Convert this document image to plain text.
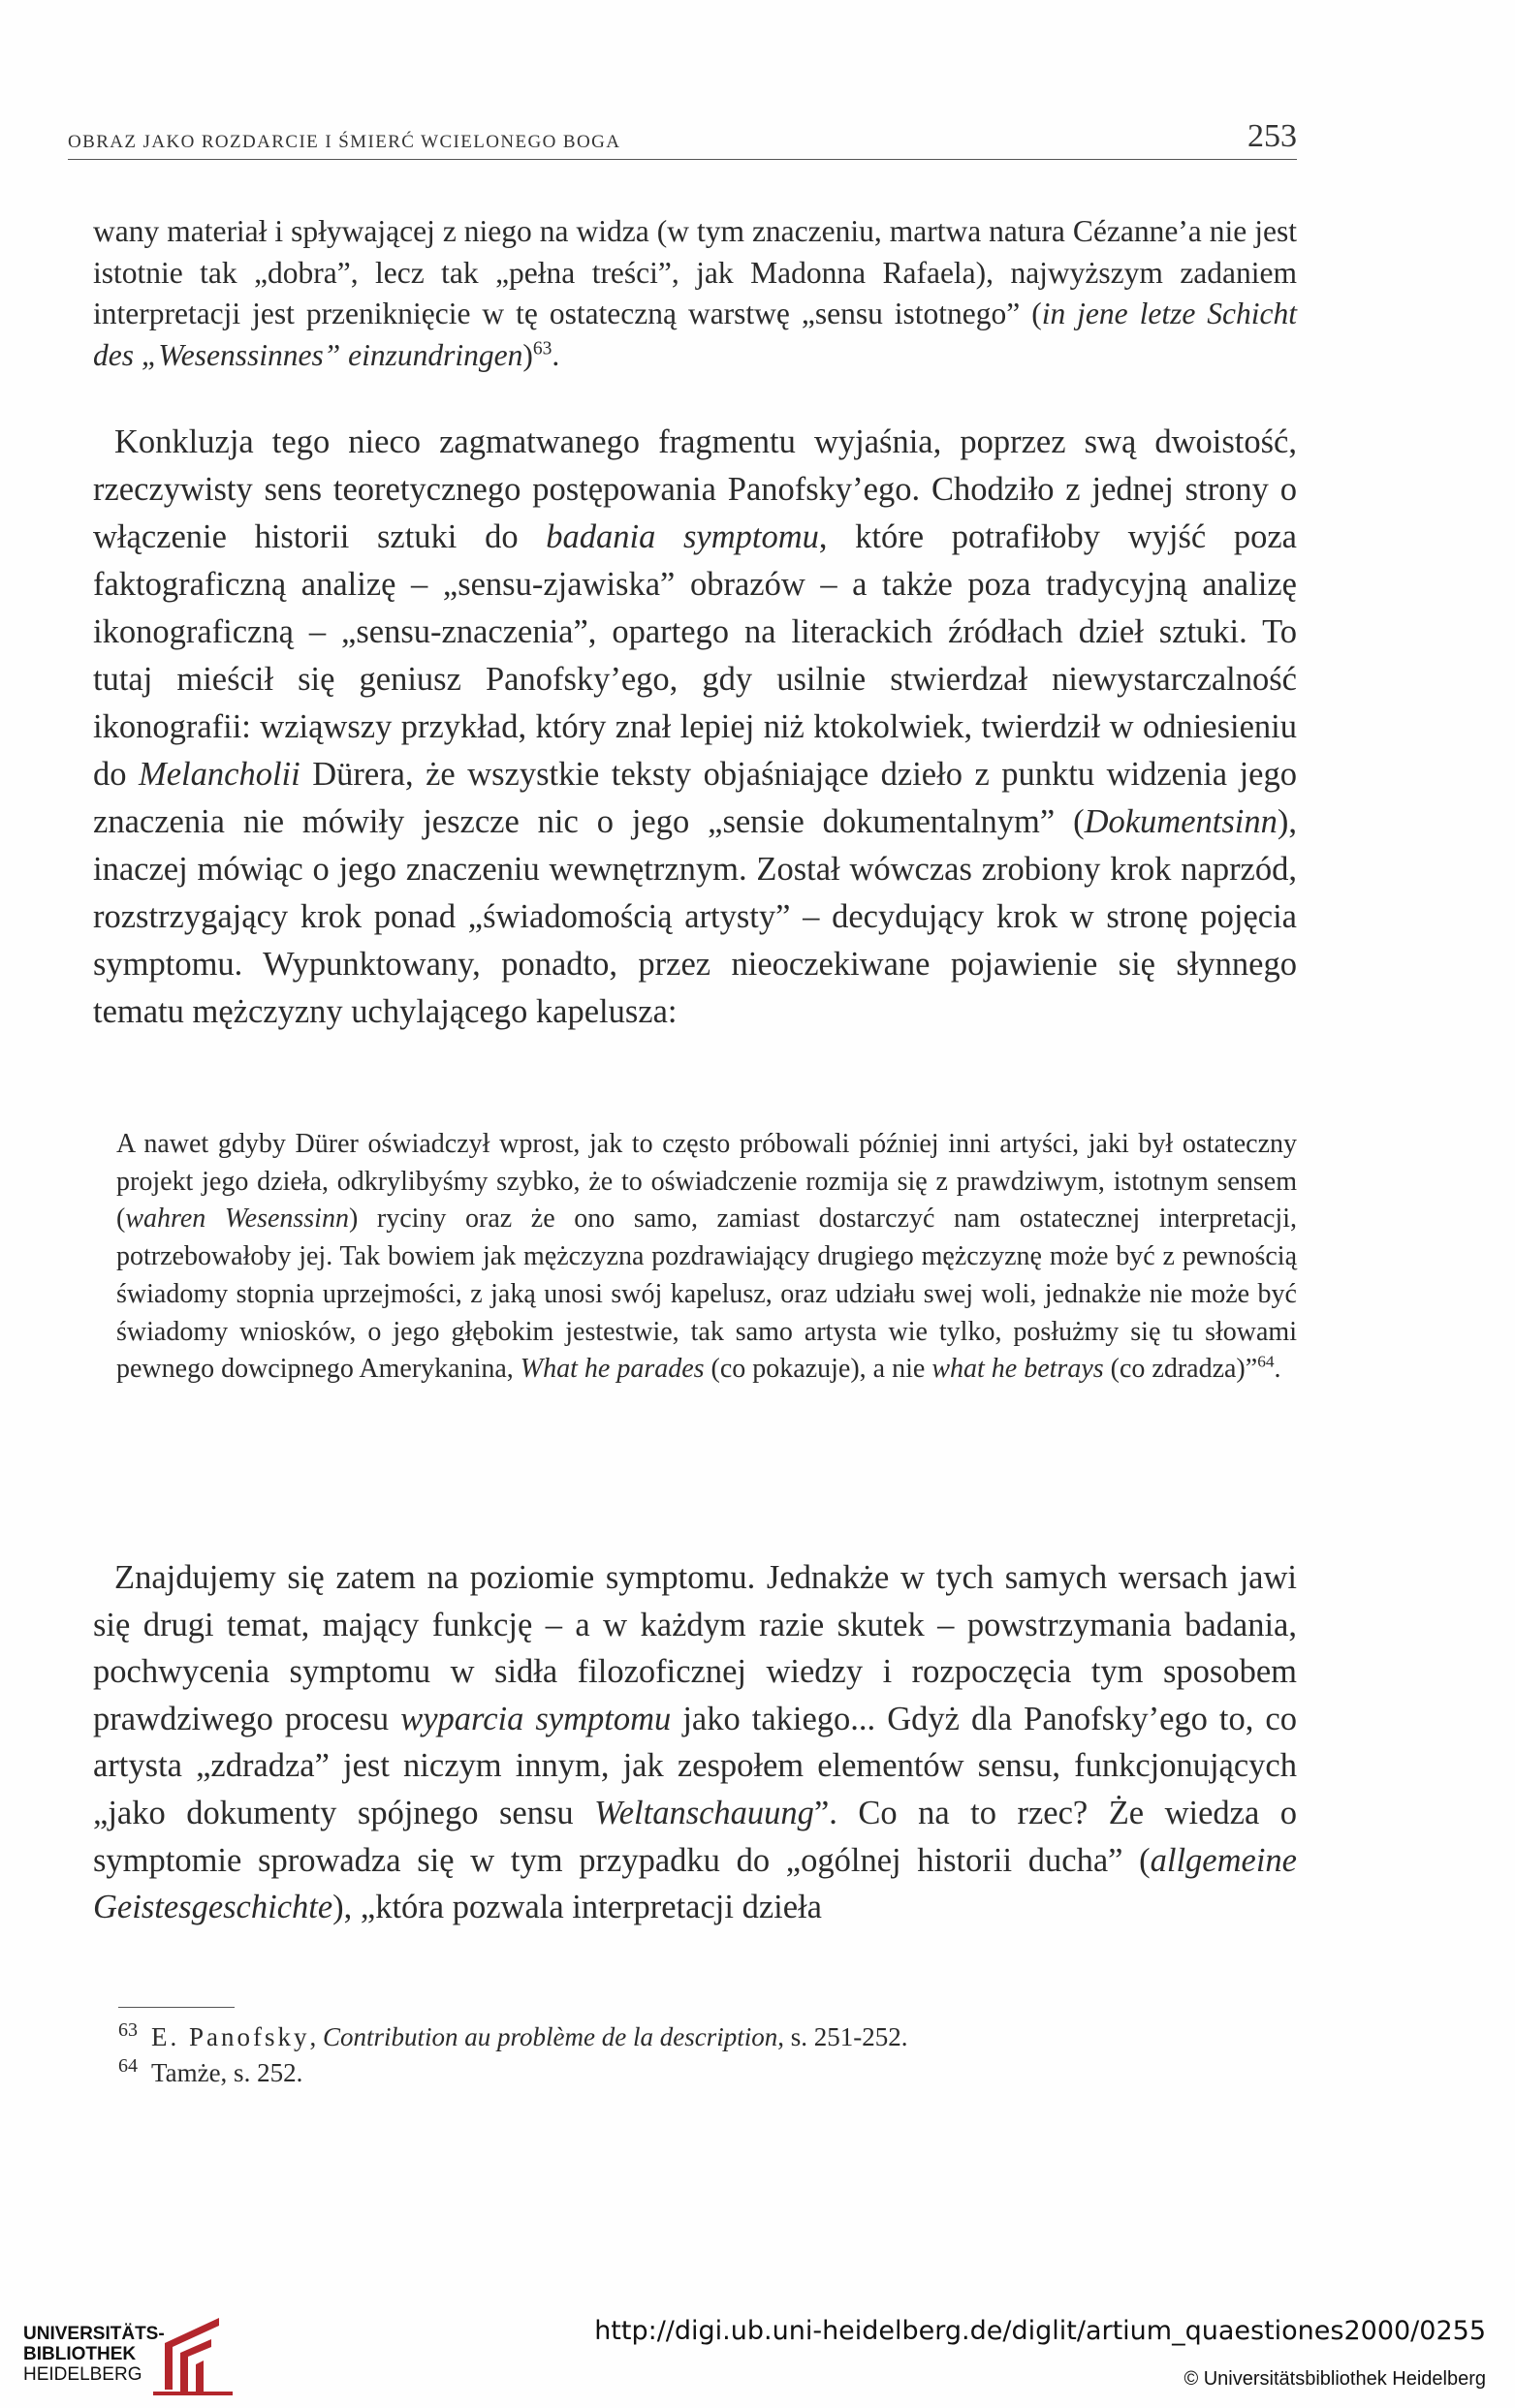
OBRAZ JAKO ROZDARCIE I ŚMIERĆ WCIELONEGO BOGA	253
wany materiał i spływającej z niego na widza (w tym znaczeniu, martwa natura Cézanne’a nie jest istotnie tak „dobra”, lecz tak „pełna treści”, jak Madonna Rafaela), najwyższym zadaniem interpretacji jest przeniknięcie w tę ostateczną warstwę „sensu istotnego” (in jene letze Schicht des „Wesenssinnes” einzundringen)$^{63}$.
Konkluzja tego nieco zagmatwanego fragmentu wyjaśnia, poprzez swą dwoistość, rzeczywisty sens teoretycznego postępowania Panofsky’ego. Chodziło z jednej strony o włączenie historii sztuki do badania symptomu, które potrafiłoby wyjść poza faktograficzną analizę – „sensu-zjawiska” obrazów – a także poza tradycyjną analizę ikonograficzną – „sensu-znaczenia”, opartego na literackich źródłach dzieł sztuki. To tutaj mieścił się geniusz Panofsky’ego, gdy usilnie stwierdzał niewystarczalność ikonografii: wziąwszy przykład, który znał lepiej niż ktokolwiek, twierdził w odniesieniu do Melancholii Dürera, że wszystkie teksty objaśniające dzieło z punktu widzenia jego znaczenia nie mówiły jeszcze nic o jego „sensie dokumentalnym” (Dokumentsinn), inaczej mówiąc o jego znaczeniu wewnętrznym. Został wówczas zrobiony krok naprzód, rozstrzygający krok ponad „świadomością artysty” – decydujący krok w stronę pojęcia symptomu. Wypunktowany, ponadto, przez nieoczekiwane pojawienie się słynnego tematu mężczyzny uchylającego kapelusza:
A nawet gdyby Dürer oświadczył wprost, jak to często próbowali później inni artyści, jaki był ostateczny projekt jego dzieła, odkrylibyśmy szybko, że to oświadczenie rozmija się z prawdziwym, istotnym sensem (wahren Wesenssinn) ryciny oraz że ono samo, zamiast dostarczyć nam ostatecznej interpretacji, potrzebowałoby jej. Tak bowiem jak mężczyzna pozdrawiający drugiego mężczyznę może być z pewnością świadomy stopnia uprzejmości, z jaką unosi swój kapelusz, oraz udziału swej woli, jednakże nie może być świadomy wniosków, o jego głębokim jestestwie, tak samo artysta wie tylko, posłużmy się tu słowami pewnego dowcipnego Amerykanina, What he parades (co pokazuje), a nie what he betrays (co zdradza)”$^{64}$.
Znajdujemy się zatem na poziomie symptomu. Jednakże w tych samych wersach jawi się drugi temat, mający funkcję – a w każdym razie skutek – powstrzymania badania, pochwycenia symptomu w sidła filozoficznej wiedzy i rozpoczęcia tym sposobem prawdziwego procesu wyparcia symptomu jako takiego... Gdyż dla Panofsky’ego to, co artysta „zdradza” jest niczym innym, jak zespołem elementów sensu, funkcjonujących „jako dokumenty spójnego sensu Weltanschauung”. Co na to rzec? Że wiedza o symptomie sprowadza się w tym przypadku do „ogólnej historii ducha” (allgemeine Geistesgeschichte), „która pozwala interpretacji dzieła
$^{63}$ E. Panofsky, Contribution au problème de la description, s. 251-252.
$^{64}$ Tamże, s. 252.
UNIVERSITÄTS-
BIBLIOTHEK
HEIDELBERG
http://digi.ub.uni-heidelberg.de/diglit/artium_quaestiones2000/0255
© Universitätsbibliothek Heidelberg
